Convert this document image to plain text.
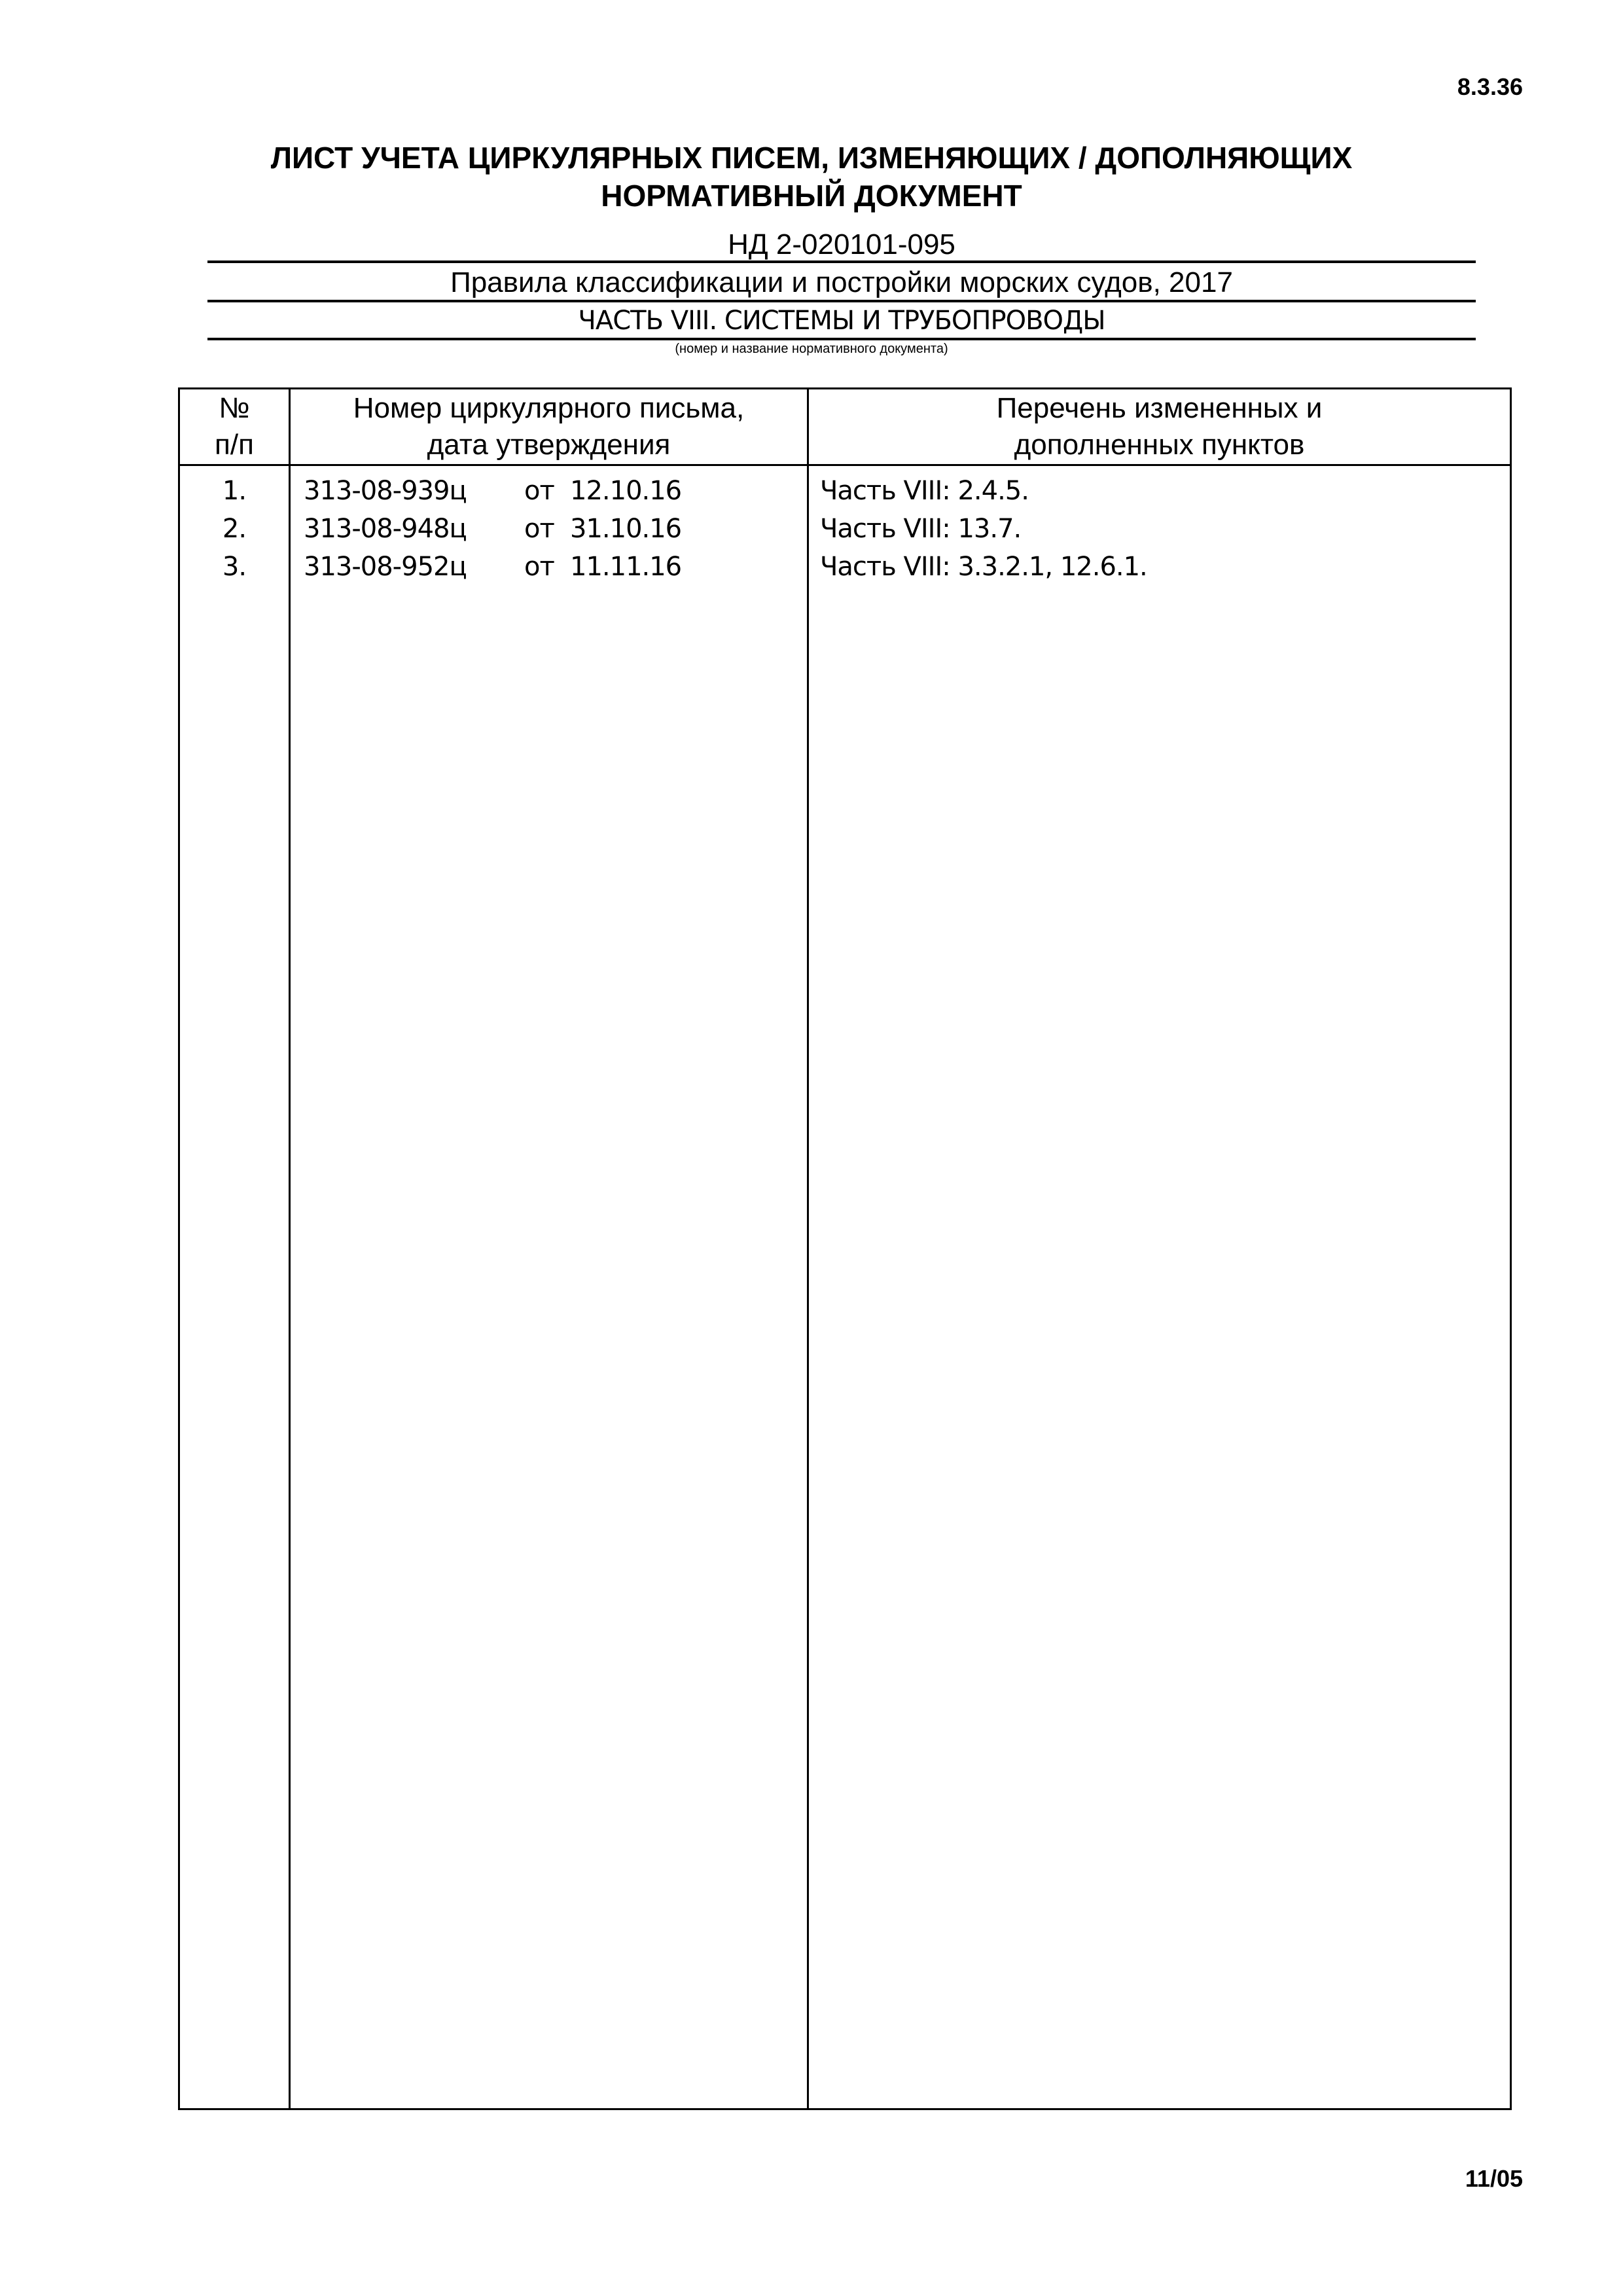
8.3.36
ЛИСТ УЧЕТА ЦИРКУЛЯРНЫХ ПИСЕМ, ИЗМЕНЯЮЩИХ / ДОПОЛНЯЮЩИХ
НОРМАТИВНЫЙ ДОКУМЕНТ
НД 2-020101-095
Правила классификации и постройки морских судов, 2017
ЧАСТЬ VIII. СИСТЕМЫ И ТРУБОПРОВОДЫ
(номер и название нормативного документа)
№
п/п
Номер циркулярного письма,
дата утверждения
Перечень измененных и
дополненных пунктов
1.	313-08-939ц от 12.10.16	Часть VIII: 2.4.5.
2.	313-08-948ц от 31.10.16	Часть VIII: 13.7.
3.	313-08-952ц от 11.11.16	Часть VIII: 3.3.2.1, 12.6.1.
11/05
